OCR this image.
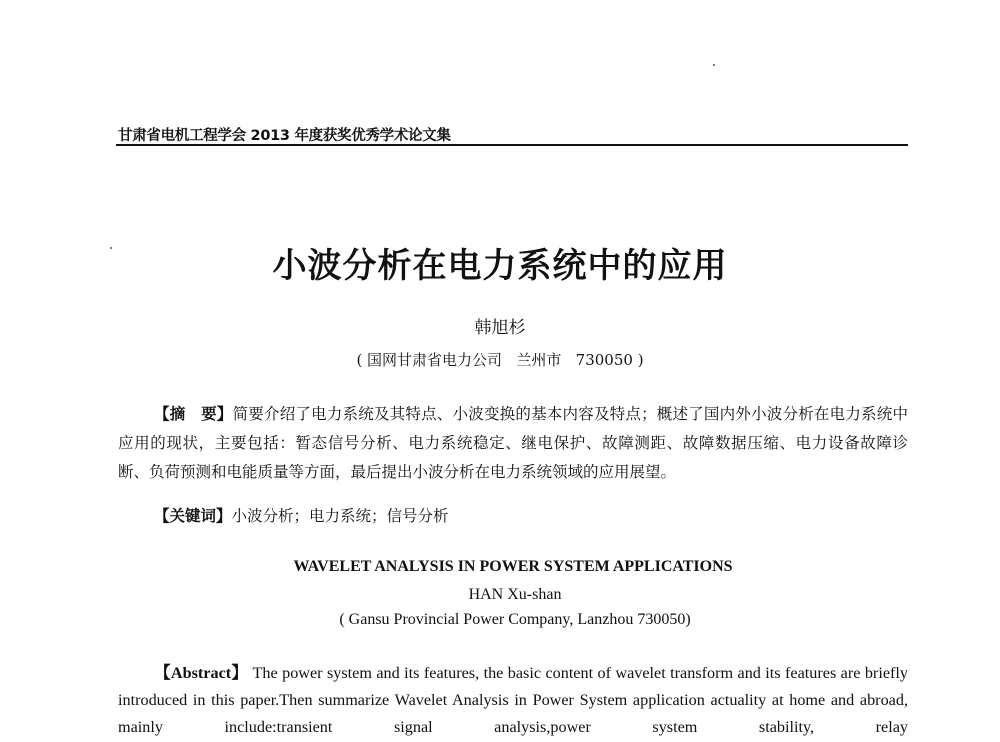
甘肃省电机工程学会 2013 年度获奖优秀学术论文集
小波分析在电力系统中的应用
韩旭杉
( 国网甘肃省电力公司   兰州市   730050 )
【摘　要】简要介绍了电力系统及其特点、小波变换的基本内容及特点；概述了国内外小波分析在电力系统中应用的现状，主要包括：暂态信号分析、电力系统稳定、继电保护、故障测距、故障数据压缩、电力设备故障诊断、负荷预测和电能质量等方面，最后提出小波分析在电力系统领域的应用展望。
【关键词】小波分析；电力系统；信号分析
WAVELET ANALYSIS IN POWER SYSTEM APPLICATIONS
HAN Xu-shan
( Gansu Provincial Power Company, Lanzhou 730050)
【Abstract】 The power system and its features, the basic content of wavelet transform and its features are briefly introduced in this paper.Then summarize Wavelet Analysis in Power System application actuality at home and abroad, mainly include:transient signal analysis,power system stability, relay
